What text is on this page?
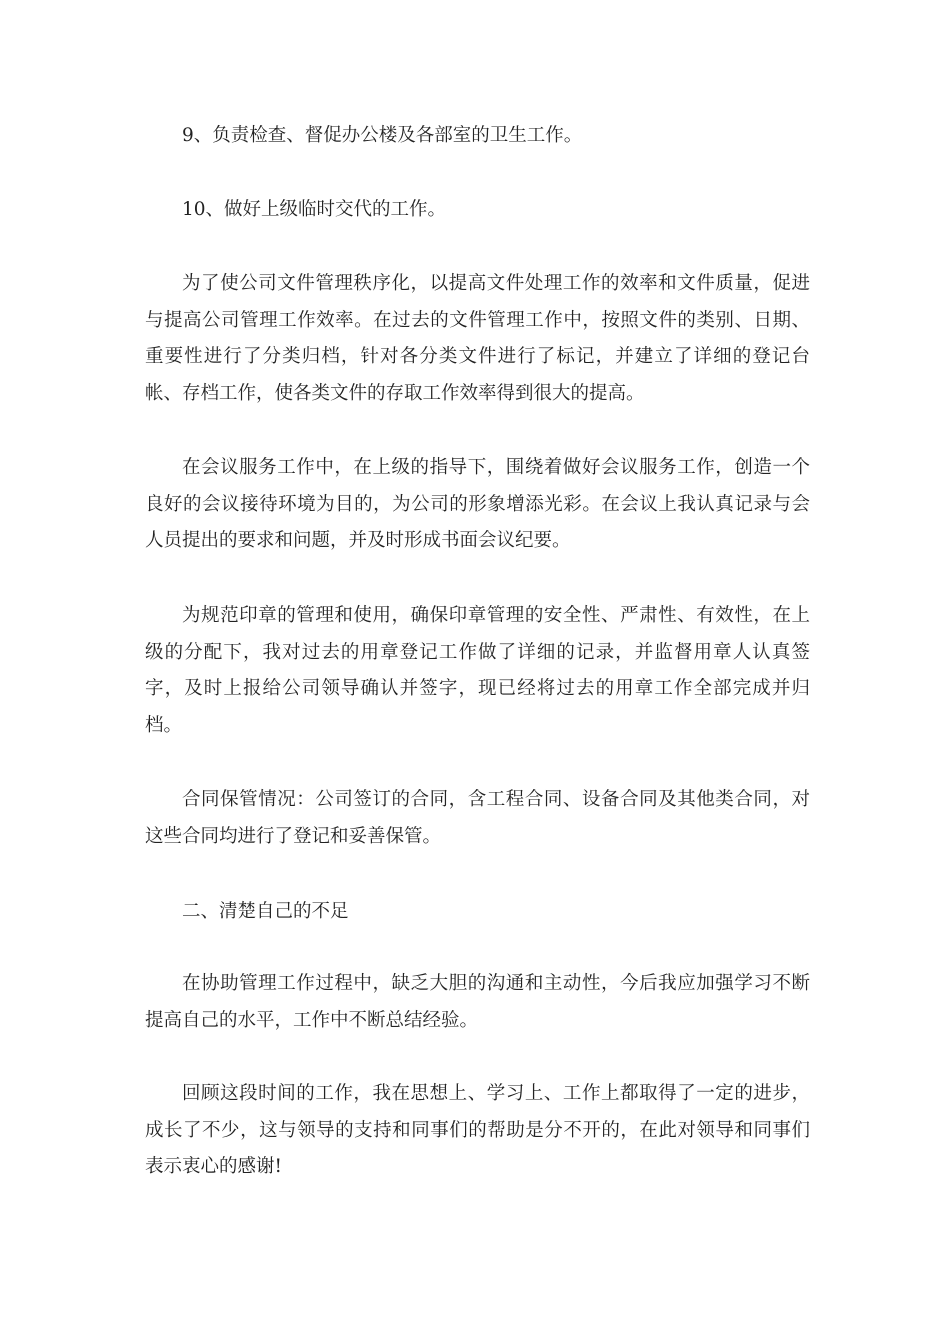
9、负责检查、督促办公楼及各部室的卫生工作。

10、做好上级临时交代的工作。

为了使公司文件管理秩序化，以提高文件处理工作的效率和文件质量，促进与提高公司管理工作效率。在过去的文件管理工作中，按照文件的类别、日期、重要性进行了分类归档，针对各分类文件进行了标记，并建立了详细的登记台帐、存档工作，使各类文件的存取工作效率得到很大的提高。

在会议服务工作中，在上级的指导下，围绕着做好会议服务工作，创造一个良好的会议接待环境为目的，为公司的形象增添光彩。在会议上我认真记录与会人员提出的要求和问题，并及时形成书面会议纪要。

为规范印章的管理和使用，确保印章管理的安全性、严肃性、有效性，在上级的分配下，我对过去的用章登记工作做了详细的记录，并监督用章人认真签字，及时上报给公司领导确认并签字，现已经将过去的用章工作全部完成并归档。

合同保管情况：公司签订的合同，含工程合同、设备合同及其他类合同，对这些合同均进行了登记和妥善保管。

二、清楚自己的不足

在协助管理工作过程中，缺乏大胆的沟通和主动性，今后我应加强学习不断提高自己的水平，工作中不断总结经验。

回顾这段时间的工作，我在思想上、学习上、工作上都取得了一定的进步，成长了不少，这与领导的支持和同事们的帮助是分不开的，在此对领导和同事们表示衷心的感谢!
